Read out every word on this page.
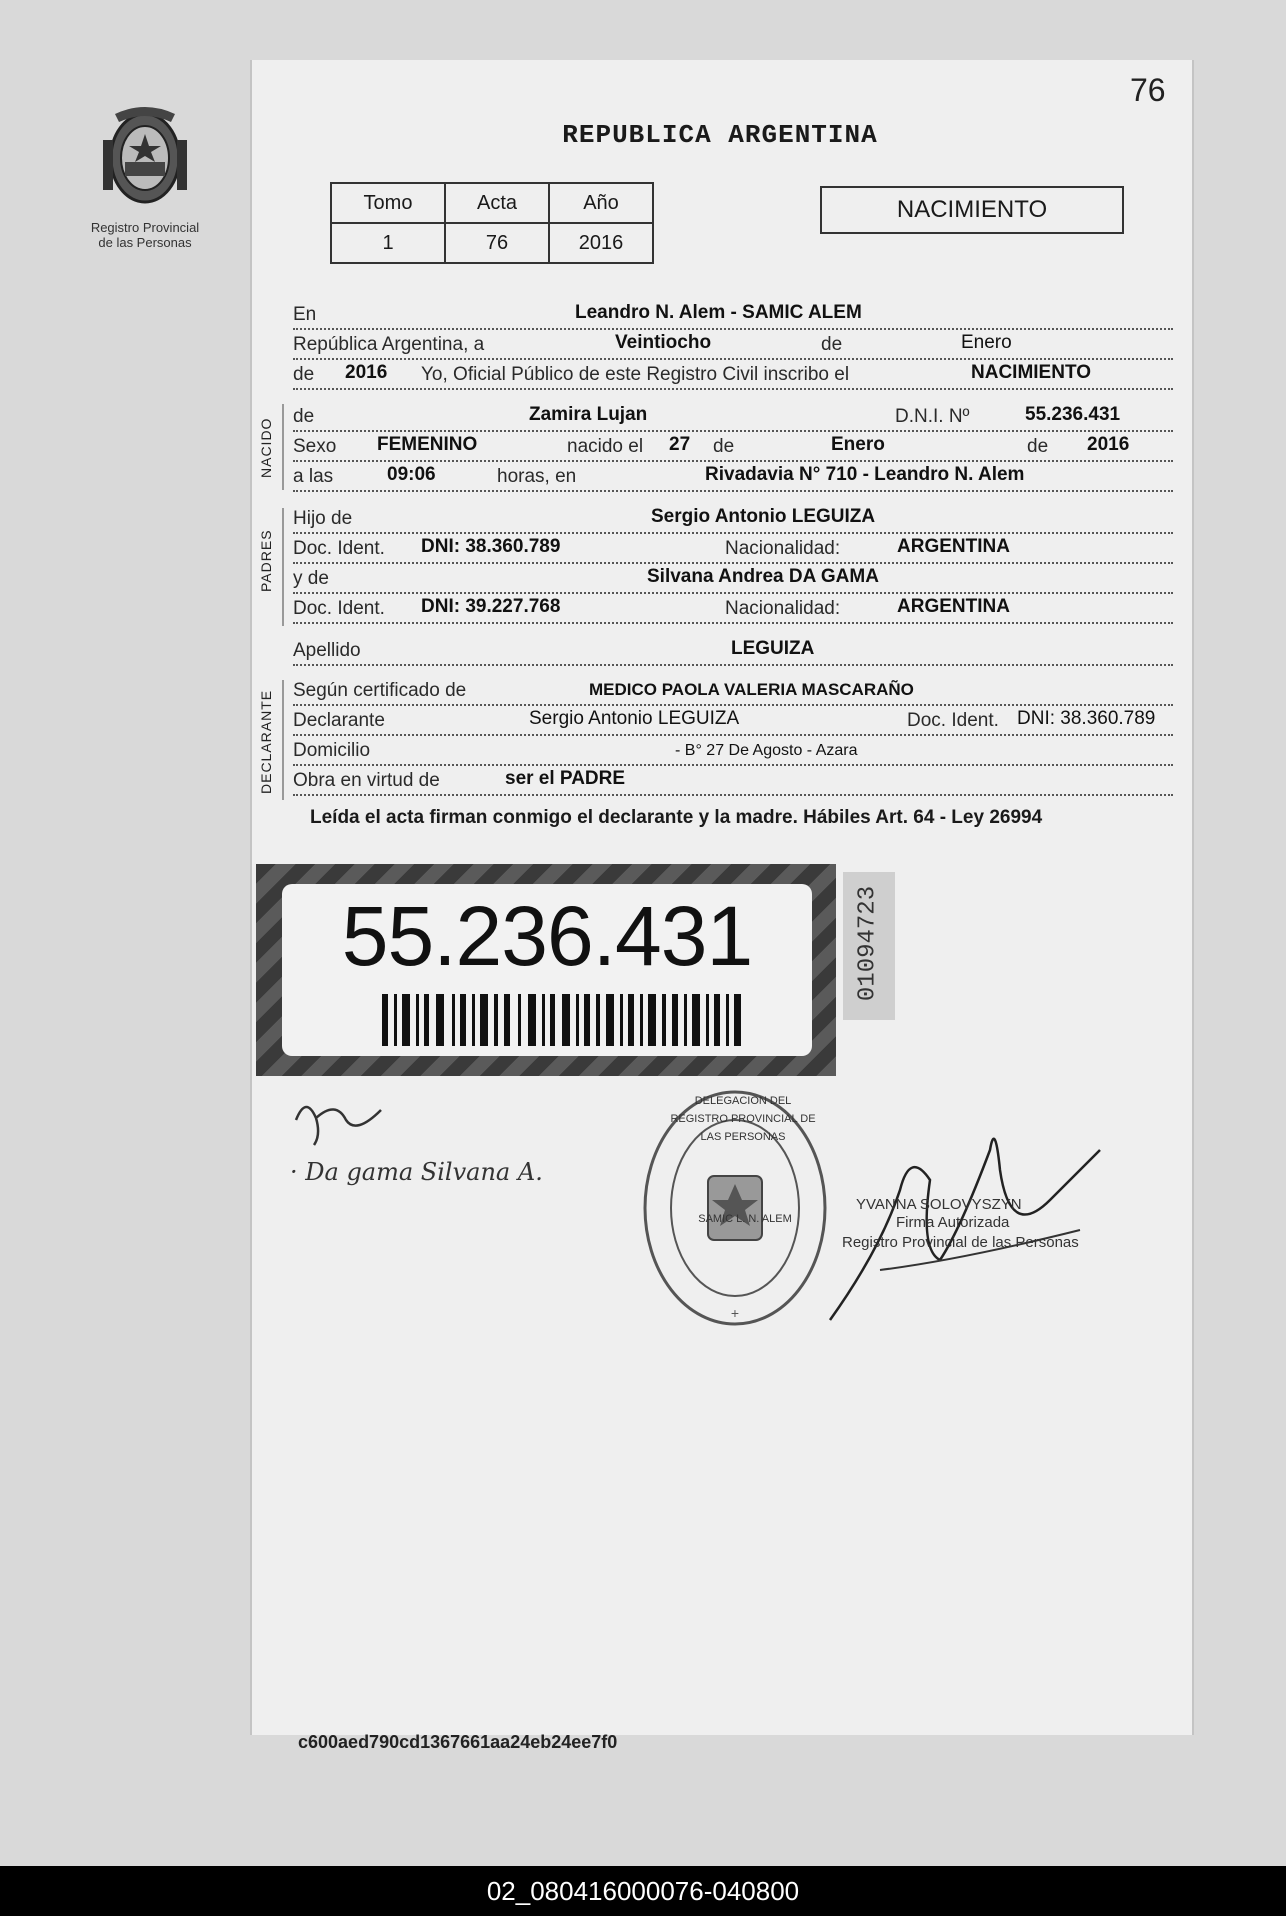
Registro Provincial
de las Personas
76
REPUBLICA ARGENTINA
Tomo	Acta	Año
1	76	2016
NACIMIENTO
En	Leandro N. Alem - SAMIC ALEM
República Argentina, a	Veintiocho	de	Enero
de 2016 Yo, Oficial Público de este Registro Civil inscribo el	NACIMIENTO
NACIDO
de	Zamira Lujan	D.N.I. Nº	55.236.431
Sexo FEMENINO	nacido el 27 de	Enero	de 2016
a las	09:06	horas, en	Rivadavia N° 710 - Leandro N. Alem
PADRES
Hijo de	Sergio Antonio LEGUIZA
Doc. Ident. DNI: 38.360.789	Nacionalidad:	ARGENTINA
y de	Silvana Andrea DA GAMA
Doc. Ident. DNI: 39.227.768	Nacionalidad:	ARGENTINA
Apellido	LEGUIZA
DECLARANTE Según certificado de	MEDICO PAOLA VALERIA MASCARAÑO
Declarante	Sergio Antonio LEGUIZA	Doc. Ident. DNI: 38.360.789
Domicilio	- B° 27 De Agosto - Azara
Obra en virtud de	ser el PADRE
Leída el acta firman conmigo el declarante y la madre. Hábiles Art. 64 - Ley 26994
55.236.431	01094723
· Da gama Silvana A.
+
DELEGACION DEL REGISTRO PROVINCIAL DE LAS PERSONAS
SAMIC L. N. ALEM
YVANNA SOLOVYSZYN
Firma Autorizada
Registro Provincial de las Personas
c600aed790cd1367661aa24eb24ee7f0
02_080416000076-040800
